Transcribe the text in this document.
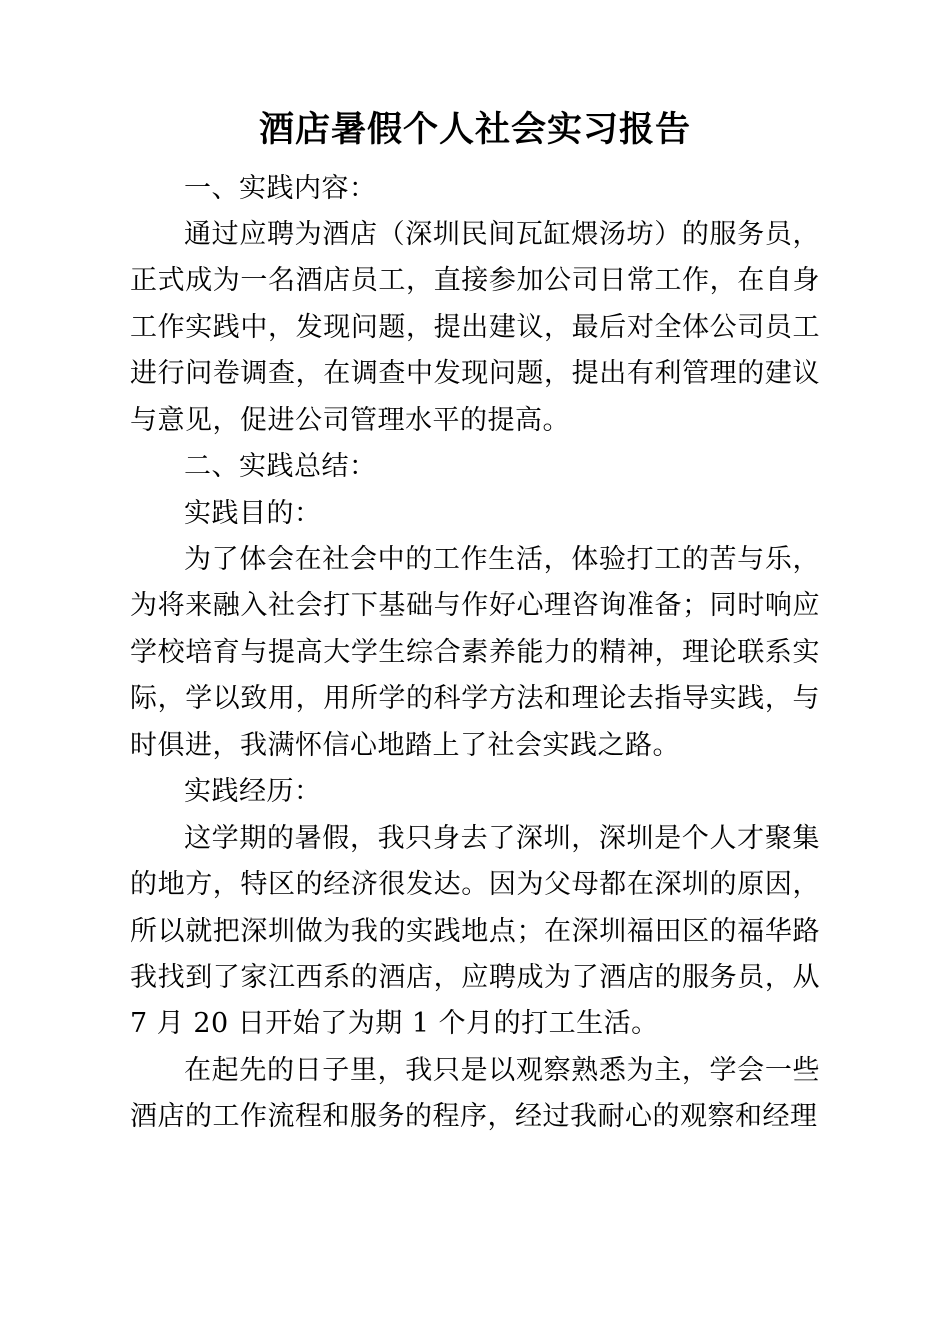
酒店暑假个人社会实习报告

一、实践内容：

通过应聘为酒店（深圳民间瓦缸煨汤坊）的服务员，正式成为一名酒店员工，直接参加公司日常工作，在自身工作实践中，发现问题，提出建议，最后对全体公司员工进行问卷调查，在调查中发现问题，提出有利管理的建议与意见，促进公司管理水平的提高。

二、实践总结：

实践目的：

为了体会在社会中的工作生活，体验打工的苦与乐，为将来融入社会打下基础与作好心理咨询准备；同时响应学校培育与提高大学生综合素养能力的精神，理论联系实际，学以致用，用所学的科学方法和理论去指导实践，与时俱进，我满怀信心地踏上了社会实践之路。

实践经历：

这学期的暑假，我只身去了深圳，深圳是个人才聚集的地方，特区的经济很发达。因为父母都在深圳的原因，所以就把深圳做为我的实践地点；在深圳福田区的福华路我找到了家江西系的酒店，应聘成为了酒店的服务员，从 7 月 20 日开始了为期 1 个月的打工生活。

在起先的日子里，我只是以观察熟悉为主，学会一些酒店的工作流程和服务的程序，经过我耐心的观察和经理
